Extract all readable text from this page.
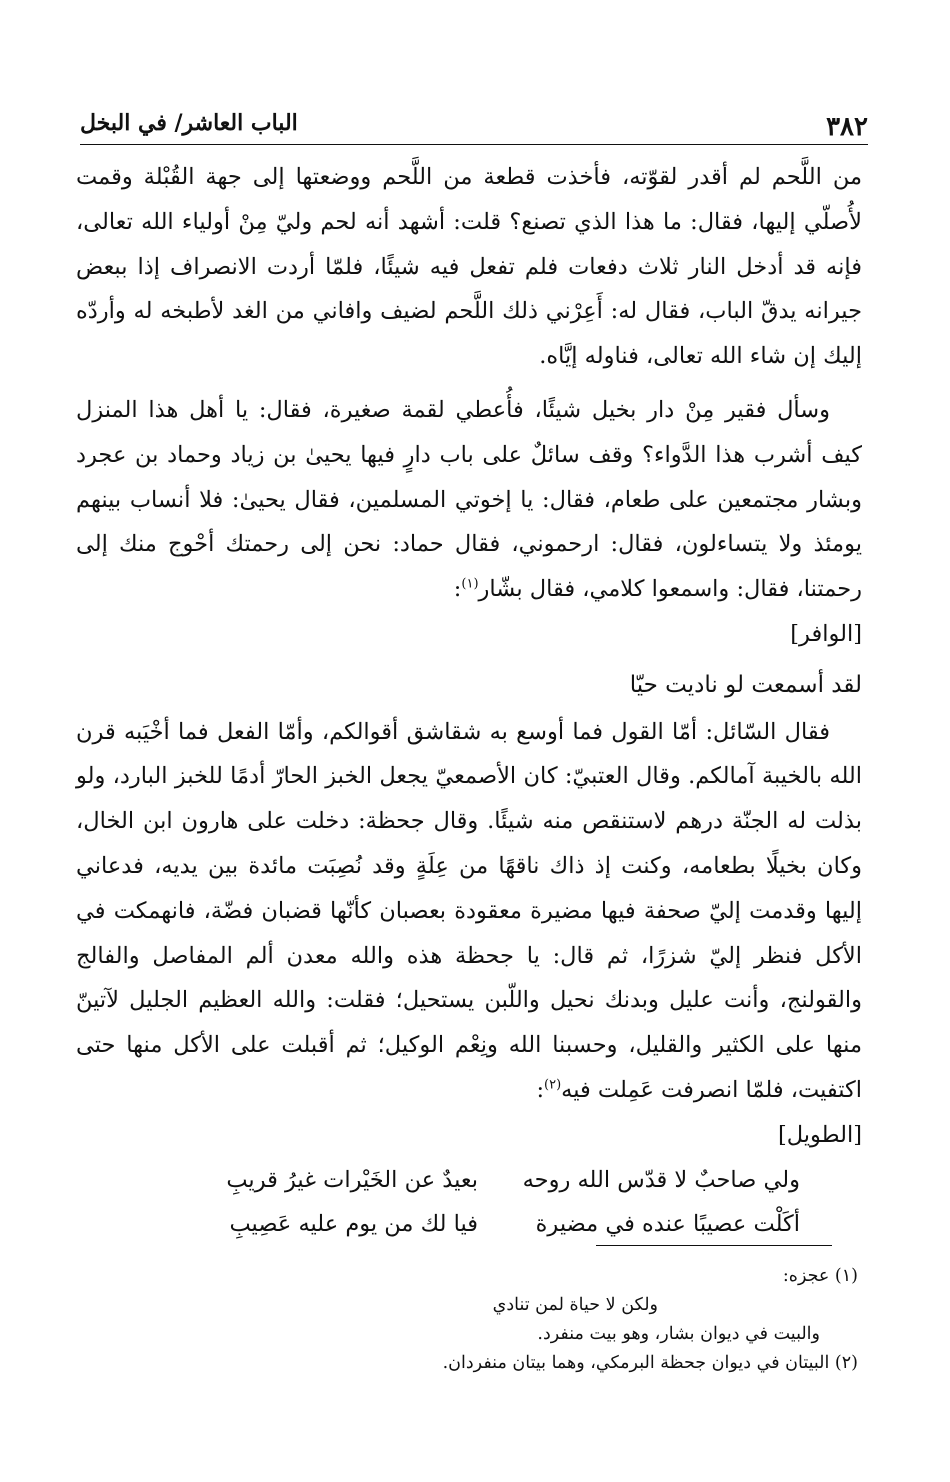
٣٨٢
الباب العاشر/ في البخل

من اللَّحم لم أقدر لقوّته، فأخذت قطعة من اللَّحم ووضعتها إلى جهة القُبْلة وقمت لأُصلّي إليها، فقال: ما هذا الذي تصنع؟ قلت: أشهد أنه لحم وليّ مِنْ أولياء الله تعالى، فإنه قد أدخل النار ثلاث دفعات فلم تفعل فيه شيئًا، فلمّا أردت الانصراف إذا ببعض جيرانه يدقّ الباب، فقال له: أَعِرْني ذلك اللَّحم لضيف وافاني من الغد لأطبخه له وأردّه إليك إن شاء الله تعالى، فناوله إيَّاه.

وسأل فقير مِنْ دار بخيل شيئًا، فأُعطي لقمة صغيرة، فقال: يا أهل هذا المنزل كيف أشرب هذا الدَّواء؟ وقف سائلٌ على باب دارٍ فيها يحيىٰ بن زياد وحماد بن عجرد وبشار مجتمعين على طعام، فقال: يا إخوتي المسلمين، فقال يحيىٰ: فلا أنساب بينهم يومئذ ولا يتساءلون، فقال: ارحموني، فقال حماد: نحن إلى رحمتك أحْوج منك إلى رحمتنا، فقال: واسمعوا كلامي، فقال بشّار$^{(١)}$:

[الوافر]

لقد أسمعت لو ناديت حيّا

فقال السّائل: أمّا القول فما أوسع به شقاشق أقوالكم، وأمّا الفعل فما أخْيَبه قرن الله بالخيبة آمالكم. وقال العتبيّ: كان الأصمعيّ يجعل الخبز الحارّ أدمًا للخبز البارد، ولو بذلت له الجنّة درهم لاستنقص منه شيئًا. وقال جحظة: دخلت على هارون ابن الخال، وكان بخيلًا بطعامه، وكنت إذ ذاك ناقهًا من عِلَةٍ وقد نُصِبَت مائدة بين يديه، فدعاني إليها وقدمت إليّ صحفة فيها مضيرة معقودة بعصبان كأنّها قضبان فضّة، فانهمكت في الأكل فنظر إليّ شزرًا، ثم قال: يا جحظة هذه والله معدن ألم المفاصل والفالج والقولنج، وأنت عليل وبدنك نحيل واللّبن يستحيل؛ فقلت: والله العظيم الجليل لآتينّ منها على الكثير والقليل، وحسبنا الله ونِعْم الوكيل؛ ثم أقبلت على الأكل منها حتى اكتفيت، فلمّا انصرفت عَمِلت فيه$^{(٢)}$:

[الطويل]

ولي صاحبٌ لا قدّس الله روحه
بعيدٌ عن الخَيْرات غيرُ قريبِ
أكَلْت عصيبًا عنده في مضيرة
فيا لك من يوم عليه عَصِيبِ

(١) عجزه:

ولكن لا حياة لمن تنادي

والبيت في ديوان بشار، وهو بيت منفرد.

(٢) البيتان في ديوان جحظة البرمكي، وهما بيتان منفردان.
